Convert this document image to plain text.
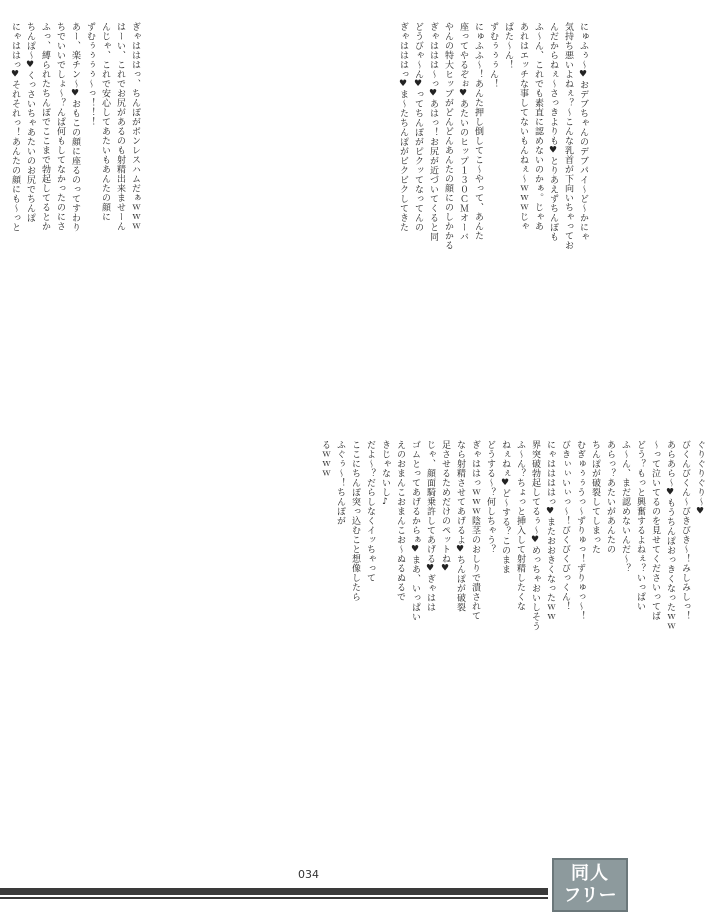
にゅふぅ～♥おデブちゃんのデブパイ～ど～かにゃ
気持ち悪いよねぇ？～こんな乳首が下向いちゃってお
んだからねぇ～さっきよりも♥とりあえずちんぽも
ふ～ん、これでも素直に認めないのかぁ。じゃあ
あれはエッチな事してないもんねぇ～ｗｗｗじゃ
ぱた～ん！
ずむぅぅぅん！
にゅふふ～！あんた押し倒してこ～やって、あんた
座ってやるぞぉ♥あたいのヒップ１３０ＣＭオーバ
やんの特大ヒップがどんどんあんたの顔にのしかかる
ぎゃははは～っ♥あはっ！お尻が近づいてくると同
どうびゃ～ん♥ってちんぽがピクッてなってんの
ぎゃはははっ♥ま～たちんぽがビクビクしてきた
ぎゃはははっ、ちんぽがボンレスハムだぁｗｗｗ
はーい、これでお尻があるのも射精出来ませーん
んじゃ、これで安心してあたいもあんたの顔に
ずむぅぅぅぅ～っ！！！
あー、楽チン～♥おもこの顔に座るのってすわり
ちでいいでしょ～？んぱ何もしてなかったのにさ
ふっ、縛られたちんぽでここまで勃起してるとか
ちんぽ～♥くっさいちゃあたいのお尻でちんぽ
にゃははっ♥それそれっ！あんたの顔にも～っと
ぐりぐりぐり～♥
びくんびくん～びきびき～！みしみしっ！
あらあら～♥もうちんぽおっきくなったｗｗ
～って泣いてるのを見せてくださいってば
どう？もっと興奮するよねぇ？いっぱい
ふ～ん、まだ認めないんだ～？
あらっ？あたいがあんたの
ちんぽが破裂してしまった
むぎゅぅぅうっ～ずりゅっ！ずりゅっ～！
びきぃぃいぃっ～！びくびくびっくん！
にゃははははっ♥またおおきくなったｗｗ
界突破勃起してるぅ～♥めっちゃおいしそう
ふ～ん？ちょっと挿入して射精したくな
ねぇねぇ♥ど～する？このまま
どうする～？何しちゃう？
ぎゃははっｗｗｗ陰茎のおしりで潰されて
なら射精させてあげるよ♥ちんぽが破裂
足させるためだけのペットね♥
じゃ、顔面騎乗許してあげる♥ぎゃはは
ゴムとってあげるからぁ♥まあ、いっぱい
えのおまんこおまんこお～ぬるぬるで
きじゃないし♪
だよ～？だらしなくイッちゃって
ここにちんぽ突っ込むこと想像したら
ふぐぅ～！ちんぽが
るｗｗｗ
034	同人
フリー
